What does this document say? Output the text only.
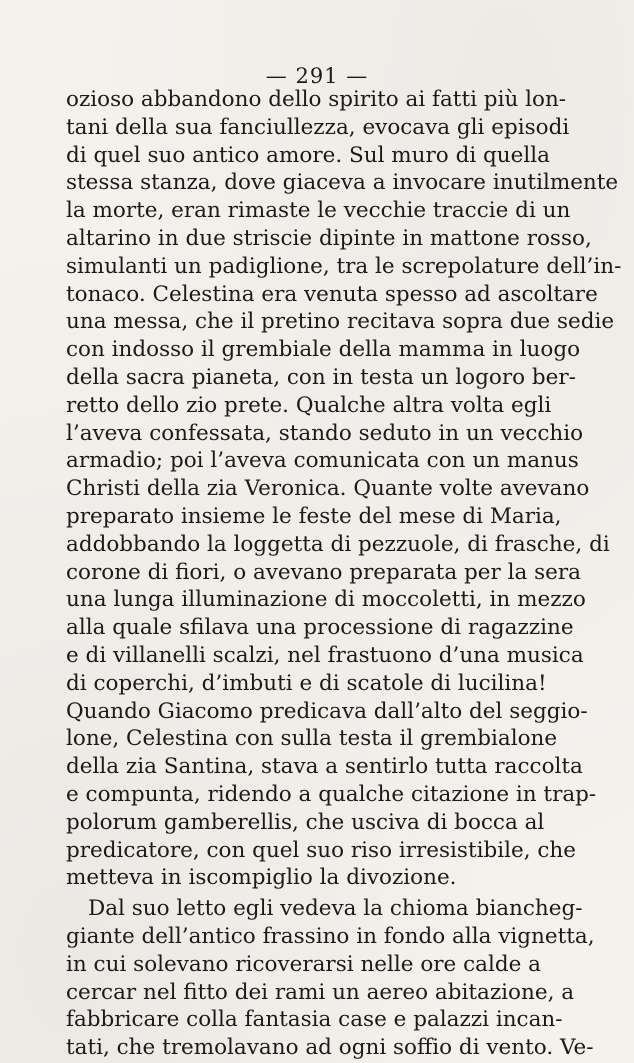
— 291 —
ozioso abbandono dello spirito ai fatti più lon-
tani della sua fanciullezza, evocava gli episodi
di quel suo antico amore. Sul muro di quella
stessa stanza, dove giaceva a invocare inutilmente
la morte, eran rimaste le vecchie traccie di un
altarino in due striscie dipinte in mattone rosso,
simulanti un padiglione, tra le screpolature dell’in-
tonaco. Celestina era venuta spesso ad ascoltare
una messa, che il pretino recitava sopra due sedie
con indosso il grembiale della mamma in luogo
della sacra pianeta, con in testa un logoro ber-
retto dello zio prete. Qualche altra volta egli
l’aveva confessata, stando seduto in un vecchio
armadio; poi l’aveva comunicata con un manus
Christi della zia Veronica. Quante volte avevano
preparato insieme le feste del mese di Maria,
addobbando la loggetta di pezzuole, di frasche, di
corone di fiori, o avevano preparata per la sera
una lunga illuminazione di moccoletti, in mezzo
alla quale sfilava una processione di ragazzine
e di villanelli scalzi, nel frastuono d’una musica
di coperchi, d’imbuti e di scatole di lucilina!
Quando Giacomo predicava dall’alto del seggio-
lone, Celestina con sulla testa il grembialone
della zia Santina, stava a sentirlo tutta raccolta
e compunta, ridendo a qualche citazione in trap-
polorum gamberellis, che usciva di bocca al
predicatore, con quel suo riso irresistibile, che
metteva in iscompiglio la divozione.
Dal suo letto egli vedeva la chioma biancheg-
giante dell’antico frassino in fondo alla vignetta,
in cui solevano ricoverarsi nelle ore calde a
cercar nel fitto dei rami un aereo abitazione, a
fabbricare colla fantasia case e palazzi incan-
tati, che tremolavano ad ogni soffio di vento. Ve-
